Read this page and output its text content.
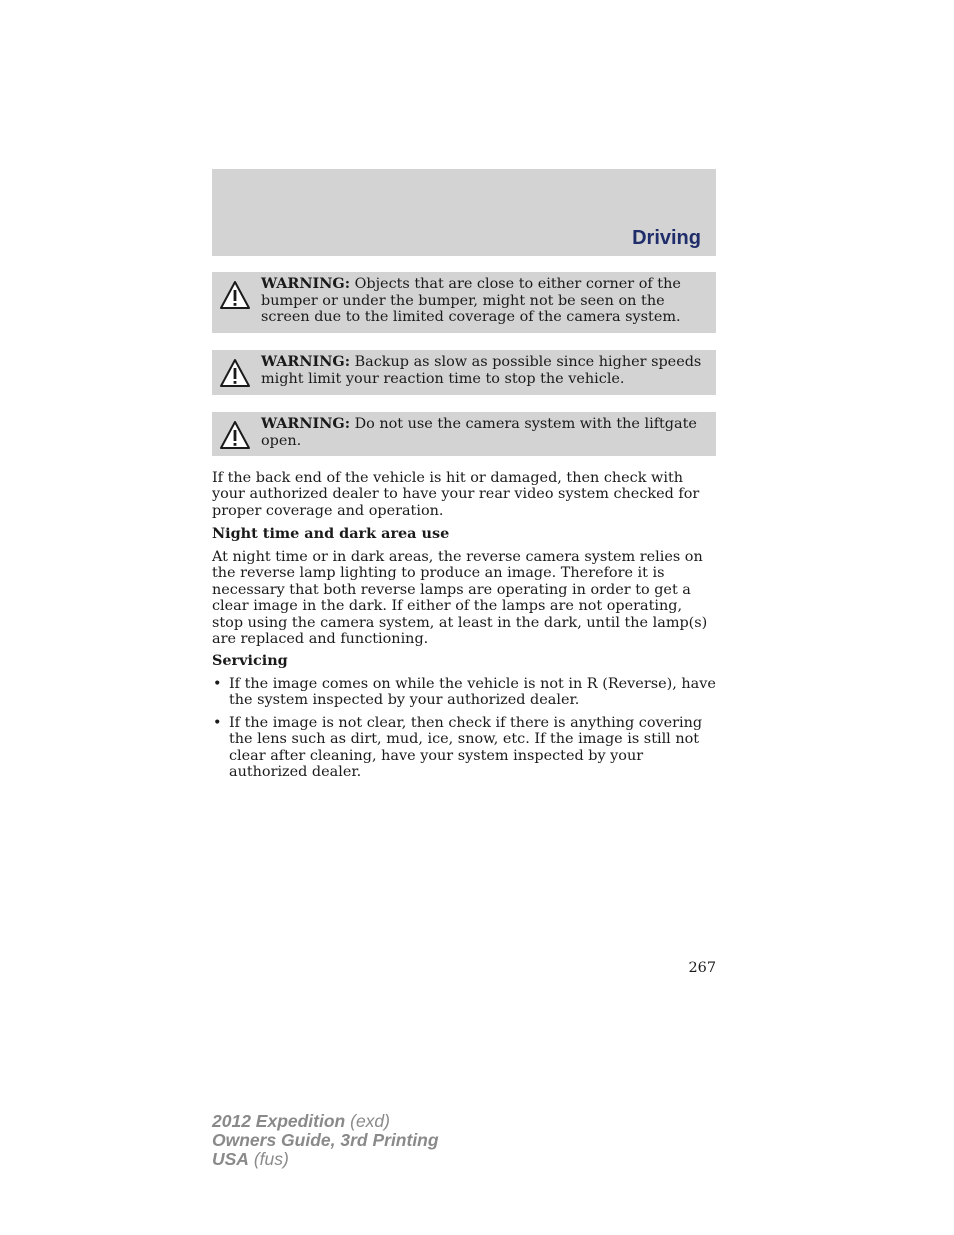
Driving
WARNING: Objects that are close to either corner of the bumper or under the bumper, might not be seen on the screen due to the limited coverage of the camera system.
WARNING: Backup as slow as possible since higher speeds might limit your reaction time to stop the vehicle.
WARNING: Do not use the camera system with the liftgate open.
If the back end of the vehicle is hit or damaged, then check with your authorized dealer to have your rear video system checked for proper coverage and operation.
Night time and dark area use
At night time or in dark areas, the reverse camera system relies on the reverse lamp lighting to produce an image. Therefore it is necessary that both reverse lamps are operating in order to get a clear image in the dark. If either of the lamps are not operating, stop using the camera system, at least in the dark, until the lamp(s) are replaced and functioning.
Servicing
• If the image comes on while the vehicle is not in R (Reverse), have the system inspected by your authorized dealer.
• If the image is not clear, then check if there is anything covering the lens such as dirt, mud, ice, snow, etc. If the image is still not clear after cleaning, have your system inspected by your authorized dealer.
267
2012 Expedition (exd)
Owners Guide, 3rd Printing
USA (fus)
